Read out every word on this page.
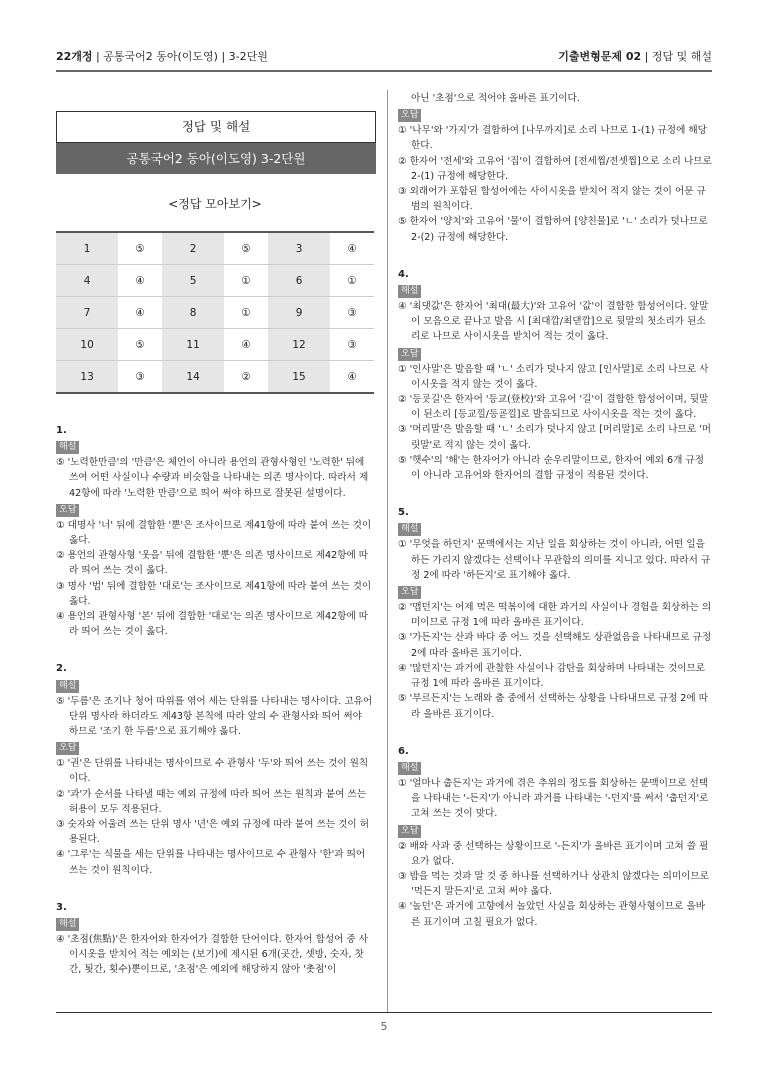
22개정 | 공통국어2 동아(이도영) | 3-2단원	기출변형문제 02 | 정답 및 해설
정답 및 해설
공통국어2 동아(이도영) 3-2단원
<정답 모아보기>
1	⑤	2	⑤	3	④
4	④	5	①	6	①
7	④	8	①	9	③
10	⑤	11	④	12	③
13	③	14	②	15	④
1.
해설
⑤ '노력한만큼'의 '만큼'은 체언이 아니라 용언의 관형사형인 '노력한' 뒤에 쓰여 어떤 사실이나 수량과 비슷함을 나타내는 의존 명사이다. 따라서 제42항에 따라 '노력한 만큼'으로 띄어 써야 하므로 잘못된 설명이다.
오답
① 대명사 '너' 뒤에 결합한 '뿐'은 조사이므로 제41항에 따라 붙여 쓰는 것이 옳다.
② 용언의 관형사형 '웃을' 뒤에 결합한 '뿐'은 의존 명사이므로 제42항에 따라 띄어 쓰는 것이 옳다.
③ 명사 '법' 뒤에 결합한 '대로'는 조사이므로 제41항에 따라 붙여 쓰는 것이 옳다.
④ 용언의 관형사형 '본' 뒤에 결합한 '대로'는 의존 명사이므로 제42항에 따라 띄어 쓰는 것이 옳다.
2.
해설
⑤ '두름'은 조기나 청어 따위를 엮어 세는 단위를 나타내는 명사이다. 고유어 단위 명사라 하더라도 제43항 본칙에 따라 앞의 수 관형사와 띄어 써야 하므로 '조기 한 두름'으로 표기해야 옳다.
오답
① '권'은 단위를 나타내는 명사이므로 수 관형사 '두'와 띄어 쓰는 것이 원칙이다.
② '과'가 순서를 나타낼 때는 예외 규정에 따라 띄어 쓰는 원칙과 붙여 쓰는 허용이 모두 적용된다.
③ 숫자와 어울려 쓰는 단위 명사 '년'은 예외 규정에 따라 붙여 쓰는 것이 허용된다.
④ '그루'는 식물을 세는 단위를 나타내는 명사이므로 수 관형사 '한'과 띄어 쓰는 것이 원칙이다.
3.
해설
④ '초점(焦點)'은 한자어와 한자어가 결합한 단어이다. 한자어 합성어 중 사이시옷을 받치어 적는 예외는 (보기)에 제시된 6개(곳간, 셋방, 숫자, 찻간, 툇간, 횟수)뿐이므로, '초점'은 예외에 해당하지 않아 '촛점'이
아닌 '초점'으로 적어야 올바른 표기이다.
오답
① '나무'와 '가지'가 결합하여 [나무까지]로 소리 나므로 1-(1) 규정에 해당한다.
② 한자어 '전세'와 고유어 '집'이 결합하여 [전세찝/전셋찝]으로 소리 나므로 2-(1) 규정에 해당한다.
③ 외래어가 포함된 합성어에는 사이시옷을 받치어 적지 않는 것이 어문 규범의 원칙이다.
⑤ 한자어 '양치'와 고유어 '물'이 결합하여 [양친물]로 'ㄴ' 소리가 덧나므로 2-(2) 규정에 해당한다.
4.
해설
④ '최댓값'은 한자어 '최대(最大)'와 고유어 '값'이 결합한 합성어이다. 앞말이 모음으로 끝나고 발음 시 [최대깝/최댇깝]으로 뒷말의 첫소리가 된소리로 나므로 사이시옷을 받치어 적는 것이 옳다.
오답
① '인사말'은 발음할 때 'ㄴ' 소리가 덧나지 않고 [인사말]로 소리 나므로 사이시옷을 적지 않는 것이 옳다.
② '등굣길'은 한자어 '등교(登校)'와 고유어 '길'이 결합한 합성어이며, 뒷말이 된소리 [등교낄/등굗낄]로 발음되므로 사이시옷을 적는 것이 옳다.
③ '머리말'은 발음할 때 'ㄴ' 소리가 덧나지 않고 [머리말]로 소리 나므로 '머릿말'로 적지 않는 것이 옳다.
⑤ '햇수'의 '해'는 한자어가 아니라 순우리말이므로, 한자어 예외 6개 규정이 아니라 고유어와 한자어의 결합 규정이 적용된 것이다.
5.
해설
① '무엇을 하던지' 문맥에서는 지난 일을 회상하는 것이 아니라, 어떤 일을 하든 가리지 않겠다는 선택이나 무관함의 의미를 지니고 있다. 따라서 규정 2에 따라 '하든지'로 표기해야 옳다.
오답
② '맵던지'는 어제 먹은 떡볶이에 대한 과거의 사실이나 경험을 회상하는 의미이므로 규정 1에 따라 올바른 표기이다.
③ '가든지'는 산과 바다 중 어느 것을 선택해도 상관없음을 나타내므로 규정 2에 따라 올바른 표기이다.
④ '많던지'는 과거에 관찰한 사실이나 감탄을 회상하며 나타내는 것이므로 규정 1에 따라 올바른 표기이다.
⑤ '부르든지'는 노래와 춤 중에서 선택하는 상황을 나타내므로 규정 2에 따라 올바른 표기이다.
6.
해설
① '얼마나 춥든지'는 과거에 겪은 추위의 정도를 회상하는 문맥이므로 선택을 나타내는 '-든지'가 아니라 과거를 나타내는 '-던지'를 써서 '춥던지'로 고쳐 쓰는 것이 맞다.
오답
② 배와 사과 중 선택하는 상황이므로 '-든지'가 올바른 표기이며 고쳐 쓸 필요가 없다.
③ 밥을 먹는 것과 말 것 중 하나를 선택하거나 상관치 않겠다는 의미이므로 '먹든지 말든지'로 고쳐 써야 옳다.
④ '놀던'은 과거에 고향에서 놀았던 사실을 회상하는 관형사형이므로 올바른 표기이며 고칠 필요가 없다.
5
